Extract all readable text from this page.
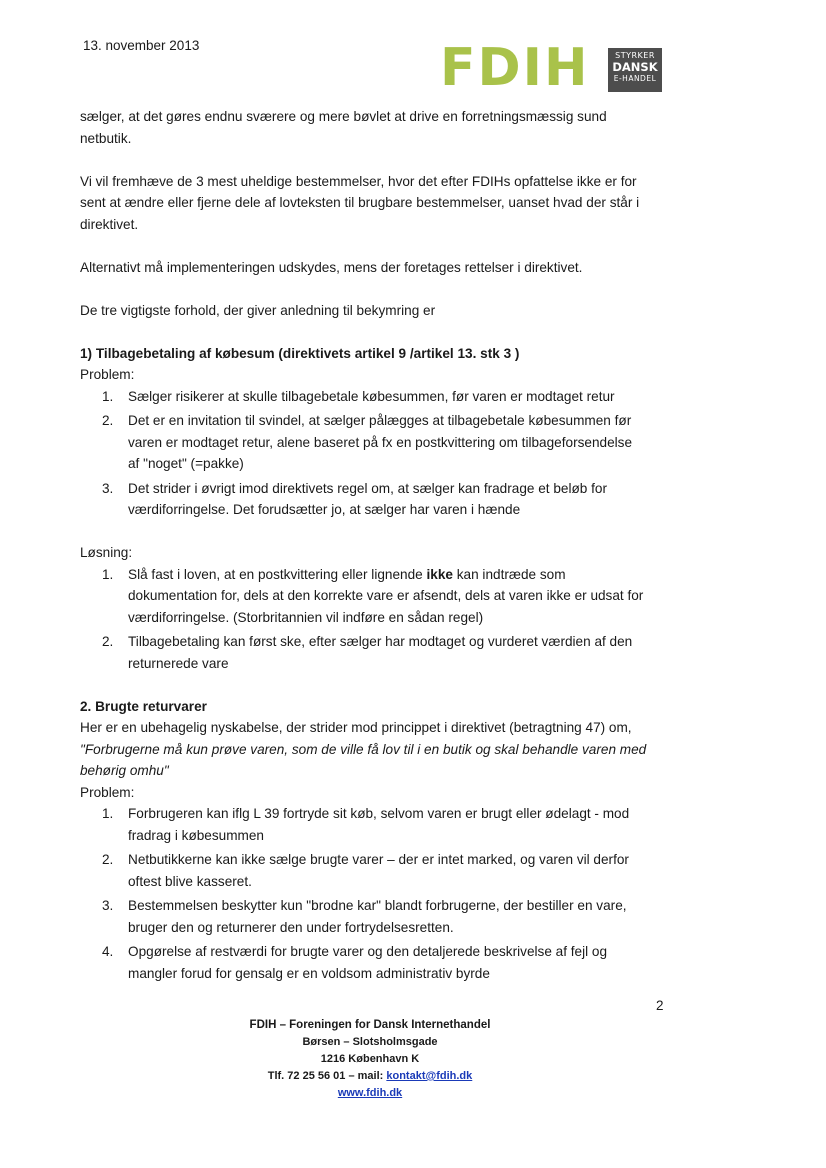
13. november 2013	FDIH	STYRKER
DANSK
E-HANDEL

sælger, at det gøres endnu sværere og mere bøvlet at drive en forretningsmæssig sund
netbutik.

Vi vil fremhæve de 3 mest uheldige bestemmelser, hvor det efter FDIHs opfattelse ikke er for
sent at ændre eller fjerne dele af lovteksten til brugbare bestemmelser, uanset hvad der står i
direktivet.

Alternativt må implementeringen udskydes, mens der foretages rettelser i direktivet.

De tre vigtigste forhold, der giver anledning til bekymring er

1) Tilbagebetaling af købesum (direktivets artikel 9 /artikel 13. stk 3 )

Problem:

1. Sælger risikerer at skulle tilbagebetale købesummen, før varen er modtaget retur
2. Det er en invitation til svindel, at sælger pålægges at tilbagebetale købesummen før
varen er modtaget retur, alene baseret på fx en postkvittering om tilbageforsendelse
af "noget" (=pakke)
3. Det strider i øvrigt imod direktivets regel om, at sælger kan fradrage et beløb for
værdiforringelse. Det forudsætter jo, at sælger har varen i hænde

Løsning:

1. Slå fast i loven, at en postkvittering eller lignende ikke kan indtræde som
dokumentation for, dels at den korrekte vare er afsendt, dels at varen ikke er udsat for
værdiforringelse. (Storbritannien vil indføre en sådan regel)
2. Tilbagebetaling kan først ske, efter sælger har modtaget og vurderet værdien af den
returnerede vare

2. Brugte returvarer

Her er en ubehagelig nyskabelse, der strider mod princippet i direktivet (betragtning 47) om,

"Forbrugerne må kun prøve varen, som de ville få lov til i en butik og skal behandle varen med
behørig omhu"

Problem:

1. Forbrugeren kan iflg L 39 fortryde sit køb, selvom varen er brugt eller ødelagt - mod
fradrag i købesummen
2. Netbutikkerne kan ikke sælge brugte varer – der er intet marked, og varen vil derfor
oftest blive kasseret.
3. Bestemmelsen beskytter kun "brodne kar" blandt forbrugerne, der bestiller en vare,
bruger den og returnerer den under fortrydelsesretten.
4. Opgørelse af restværdi for brugte varer og den detaljerede beskrivelse af fejl og
mangler forud for gensalg er en voldsom administrativ byrde
2
FDIH – Foreningen for Dansk Internethandel
Børsen – Slotsholmsgade
1216 København K
Tlf. 72 25 56 01 – mail: kontakt@fdih.dk
www.fdih.dk
